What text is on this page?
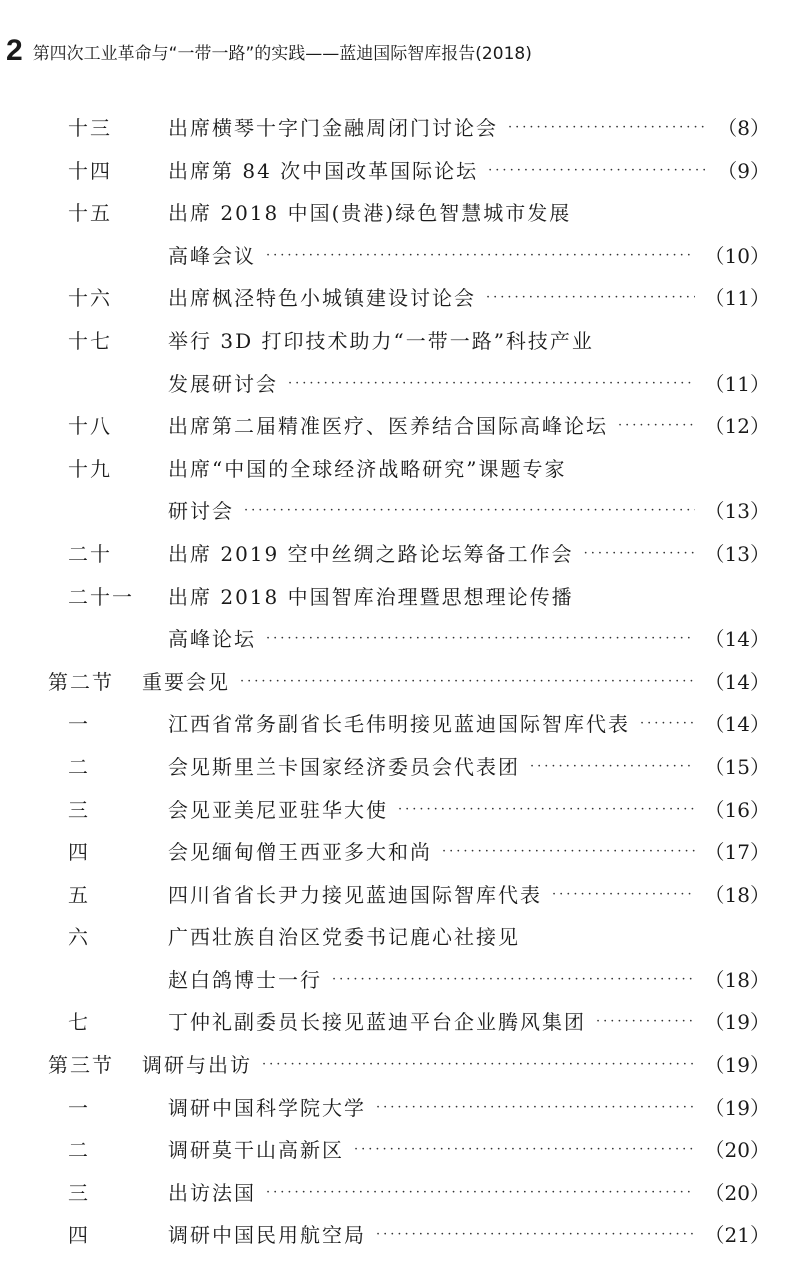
2 第四次工业革命与“一带一路”的实践——蓝迪国际智库报告(2018)
十三	出席横琴十字门金融周闭门讨论会 ·····	（8）
十四	出席第 84 次中国改革国际论坛 ·····	（9）
十五	出席 2018 中国(贵港)绿色智慧城市发展
高峰会议 ·····	（10）
十六	出席枫泾特色小城镇建设讨论会 ·····	（11）
十七	举行 3D 打印技术助力“一带一路”科技产业
发展研讨会 ·····	（11）
十八	出席第二届精准医疗、医养结合国际高峰论坛 ·····	（12）
十九	出席“中国的全球经济战略研究”课题专家
研讨会 ·····	（13）
二十	出席 2019 空中丝绸之路论坛筹备工作会 ·····	（13）
二十一 出席 2018 中国智库治理暨思想理论传播
高峰论坛 ·····	（14）
第二节 重要会见 ·····	（14）
一	江西省常务副省长毛伟明接见蓝迪国际智库代表 ·····	（14）
二	会见斯里兰卡国家经济委员会代表团 ·····	（15）
三	会见亚美尼亚驻华大使 ·····	（16）
四	会见缅甸僧王西亚多大和尚 ·····	（17）
五	四川省省长尹力接见蓝迪国际智库代表 ·····	（18）
六	广西壮族自治区党委书记鹿心社接见
赵白鸽博士一行 ·····	（18）
七	丁仲礼副委员长接见蓝迪平台企业腾风集团 ·····	（19）
第三节 调研与出访 ·····	（19）
一	调研中国科学院大学 ·····	（19）
二	调研莫干山高新区 ·····	（20）
三	出访法国 ·····	（20）
四	调研中国民用航空局 ·····	（21）
